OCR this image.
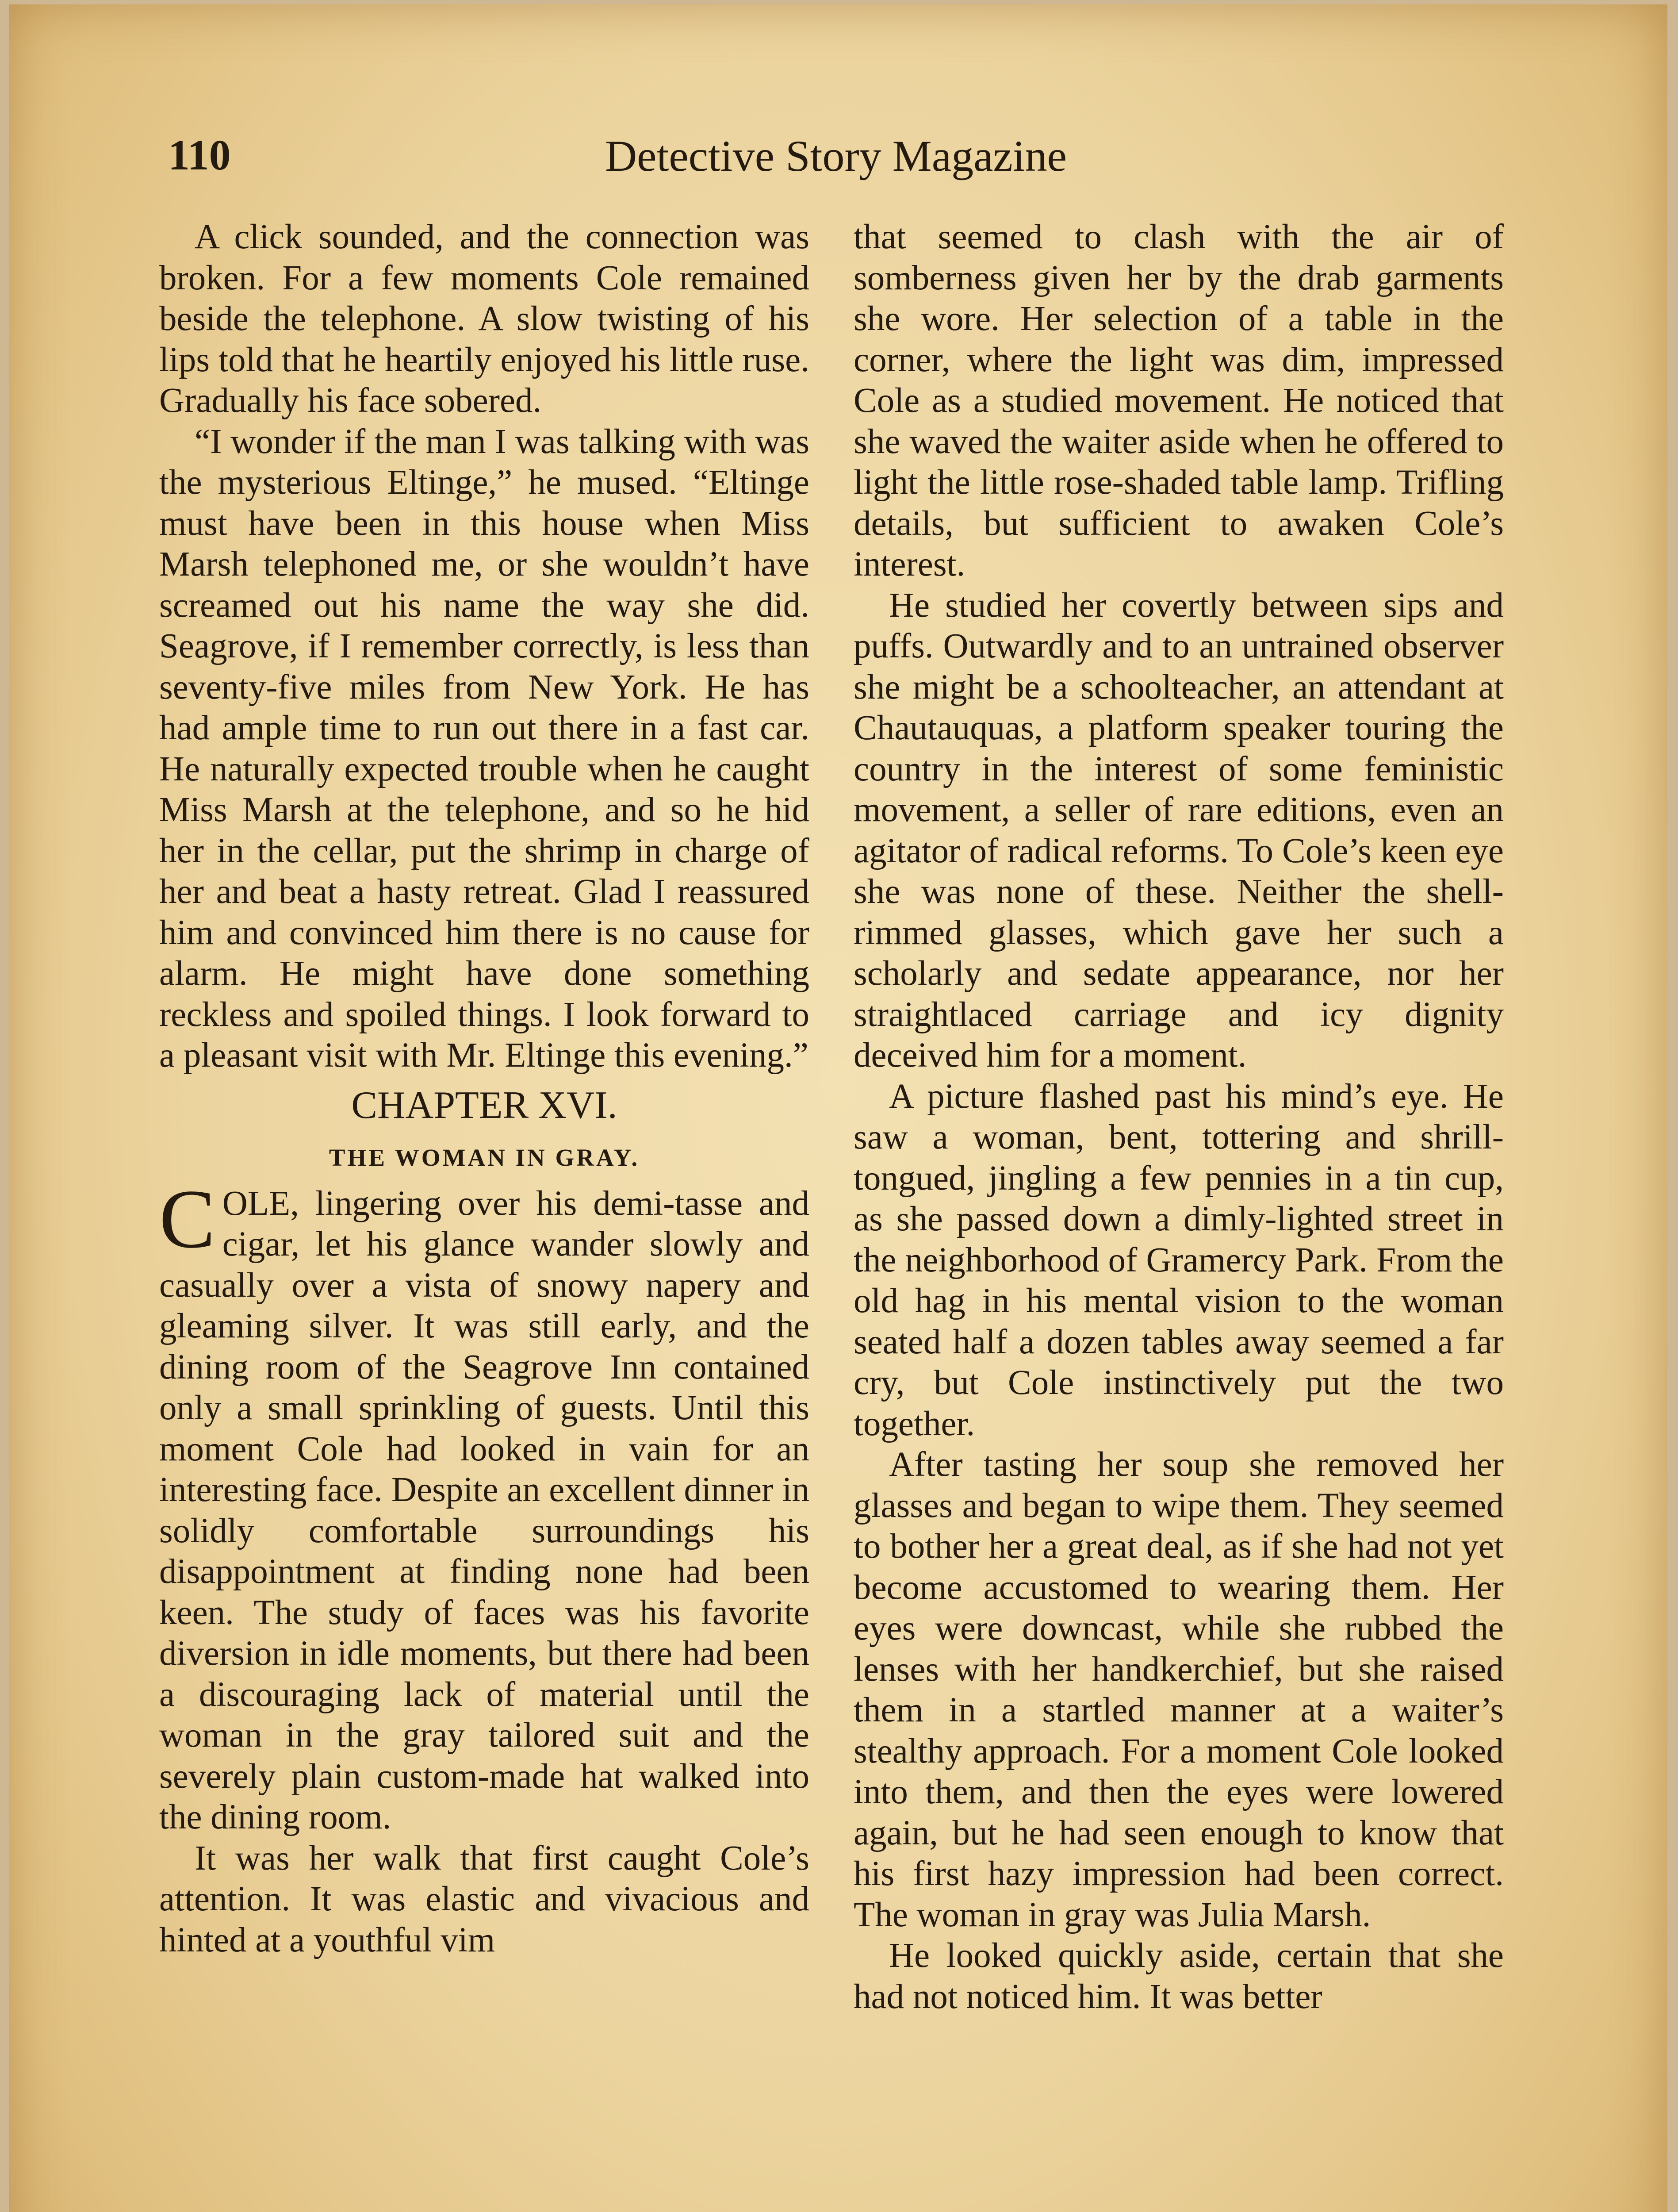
110	Detective Story Magazine

A click sounded, and the connection was broken. For a few moments Cole remained beside the telephone. A slow twisting of his lips told that he heartily enjoyed his little ruse. Gradually his face sobered.

“I wonder if the man I was talking with was the mysterious Eltinge,” he mused. “Eltinge must have been in this house when Miss Marsh telephoned me, or she wouldn’t have screamed out his name the way she did. Seagrove, if I remember correctly, is less than seventy-five miles from New York. He has had ample time to run out there in a fast car. He naturally expected trouble when he caught Miss Marsh at the telephone, and so he hid her in the cellar, put the shrimp in charge of her and beat a hasty retreat. Glad I reassured him and convinced him there is no cause for alarm. He might have done something reckless and spoiled things. I look forward to a pleasant visit with Mr. Eltinge this evening.”

CHAPTER XVI.
THE WOMAN IN GRAY.

C OLE, lingering over his demi-tasse and cigar, let his glance wander slowly and casually over a vista of snowy napery and gleaming silver. It was still early, and the dining room of the Seagrove Inn contained only a small sprinkling of guests. Until this moment Cole had looked in vain for an interesting face. Despite an excellent dinner in solidly comfortable surroundings his disappointment at finding none had been keen. The study of faces was his favorite diversion in idle moments, but there had been a discouraging lack of material until the woman in the gray tailored suit and the severely plain custom-made hat walked into the dining room.

It was her walk that first caught Cole’s attention. It was elastic and vivacious and hinted at a youthful vim

that seemed to clash with the air of somberness given her by the drab garments she wore. Her selection of a table in the corner, where the light was dim, impressed Cole as a studied movement. He noticed that she waved the waiter aside when he offered to light the little rose-shaded table lamp. Trifling details, but sufficient to awaken Cole’s interest.

He studied her covertly between sips and puffs. Outwardly and to an untrained observer she might be a schoolteacher, an attendant at Chautauquas, a platform speaker touring the country in the interest of some feministic movement, a seller of rare editions, even an agitator of radical reforms. To Cole’s keen eye she was none of these. Neither the shell-rimmed glasses, which gave her such a scholarly and sedate appearance, nor her straightlaced carriage and icy dignity deceived him for a moment.

A picture flashed past his mind’s eye. He saw a woman, bent, tottering and shrill-tongued, jingling a few pennies in a tin cup, as she passed down a dimly-lighted street in the neighborhood of Gramercy Park. From the old hag in his mental vision to the woman seated half a dozen tables away seemed a far cry, but Cole instinctively put the two together.

After tasting her soup she removed her glasses and began to wipe them. They seemed to bother her a great deal, as if she had not yet become accustomed to wearing them. Her eyes were downcast, while she rubbed the lenses with her handkerchief, but she raised them in a startled manner at a waiter’s stealthy approach. For a moment Cole looked into them, and then the eyes were lowered again, but he had seen enough to know that his first hazy impression had been correct. The woman in gray was Julia Marsh.

He looked quickly aside, certain that she had not noticed him. It was better
